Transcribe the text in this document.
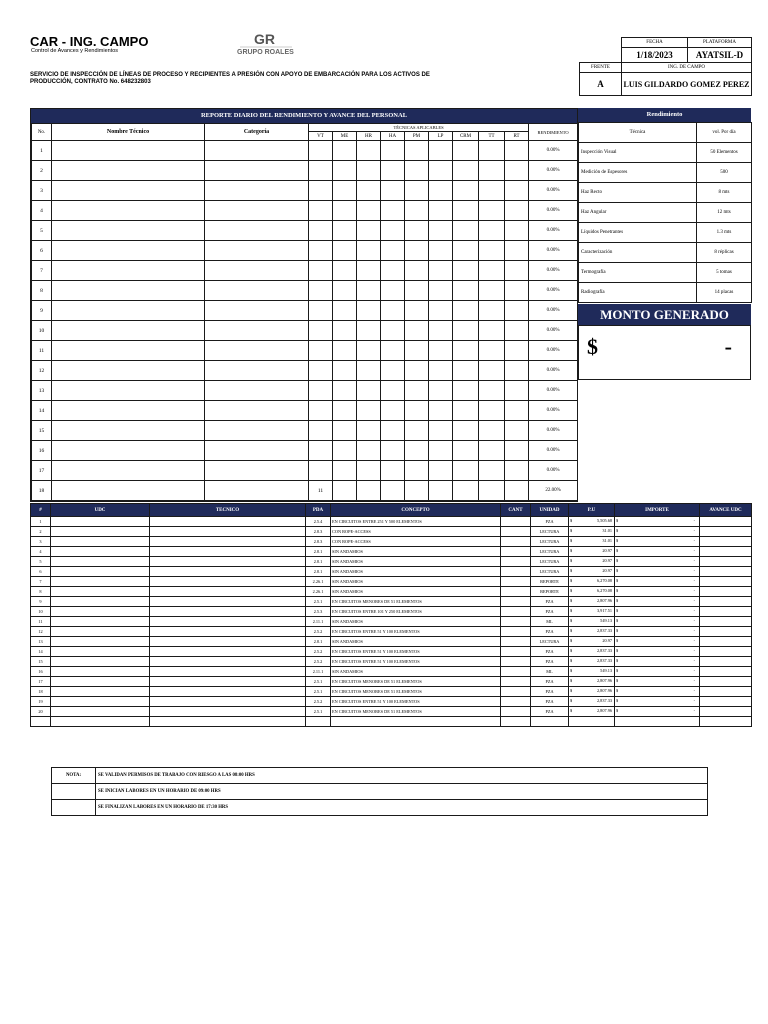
CAR - ING. CAMPO
Control de Avances y Rendimientos
GR
GRUPO ROALES
SERVICIO DE INSPECCIÓN DE LÍNEAS DE PROCESO Y RECIPIENTES A PRESIÓN CON APOYO DE EMBARCACIÓN PARA LOS ACTIVOS DE PRODUCCIÓN, CONTRATO No. 648232803
	FECHA	PLATAFORMA
	1/18/2023	AYATSIL-D
FRENTE	ING. DE CAMPO	
A	LUIS GILDARDO GOMEZ PEREZ	
REPORTE DIARIO DEL RENDIMIENTO Y AVANCE DEL PERSONAL
No.	Nombre Técnico	Categoría	TÉCNICAS APLICABLES									RENDIMIENTO
			VT	ME	HR	HA	PM	LP	CRM	TT	RT	
1												0.00%
2												0.00%
3												0.00%
4												0.00%
5												0.00%
6												0.00%
7												0.00%
8												0.00%
9												0.00%
10												0.00%
11												0.00%
12												0.00%
13												0.00%
14												0.00%
15												0.00%
16												0.00%
17												0.00%
18			11									22.00%
Rendimiento
Técnica	vol. Por día
Inspección Visual	50 Elementos
Medición de Espesores	500
Haz Recto	8 mts
Haz Angular	12 mts
Líquidos Penetrantes	1.3 mts
Caracterización	8 réplicas
Termografía	5 tomas
Radiografía	14 placas
MONTO GENERADO
$	-
#	UDC	TECNICO	PDA	CONCEPTO	CANT	UNIDAD	P.U	IMPORTE	AVANCE UDC
1			2.5.4	EN CIRCUITOS ENTRE 251 Y 500 ELEMENTOS		PZA	$ 5,505.68	$ -	

2			2.8.3	CON ROPE-ACCESS		LECTURA	$ 31.01	$ -	

3			2.8.3	CON ROPE-ACCESS		LECTURA	$ 31.01	$ -	

4			2.8.1	SIN ANDAMIOS		LECTURA	$ 20.97	$ -	

5			2.8.1	SIN ANDAMIOS		LECTURA	$ 20.97	$ -	

6			2.8.1	SIN ANDAMIOS		LECTURA	$ 20.97	$ -	

7			2.26.1	SIN ANDAMIOS		REPORTE	$ 6,270.08	$ -	

8			2.26.1	SIN ANDAMIOS		REPORTE	$ 6,270.08	$ -	

9			2.5.1	EN CIRCUITOS MENORES DE 51 ELEMENTOS		PZA	$ 2,807.96	$ -	

10			2.5.3	EN CIRCUITOS ENTRE 101 Y 250 ELEMENTOS		PZA	$ 3,917.51	$ -	

11			2.11.1	SIN ANDAMIOS		ML	$ 549.13	$ -	

12			2.5.2	EN CIRCUITOS ENTRE 51 Y 100 ELEMENTOS		PZA	$ 2,837.33	$ -	

13			2.8.1	SIN ANDAMIOS		LECTURA	$ 20.97	$ -	

14			2.5.2	EN CIRCUITOS ENTRE 51 Y 100 ELEMENTOS		PZA	$ 2,837.33	$ -	

15			2.5.2	EN CIRCUITOS ENTRE 51 Y 100 ELEMENTOS		PZA	$ 2,837.33	$ -	

16			2.11.1	SIN ANDAMIOS		ML	$ 549.13	$ -	

17			2.5.1	EN CIRCUITOS MENORES DE 51 ELEMENTOS		PZA	$ 2,807.96	$ -	

18			2.5.1	EN CIRCUITOS MENORES DE 51 ELEMENTOS		PZA	$ 2,807.96	$ -	

19			2.5.2	EN CIRCUITOS ENTRE 51 Y 100 ELEMENTOS		PZA	$ 2,837.33	$ -	

20			2.5.1	EN CIRCUITOS MENORES DE 51 ELEMENTOS		PZA	$ 2,807.96	$ -	

NOTA:	SE VALIDAN PERMISOS DE TRABAJO CON RIESGO A LAS 08:00 HRS
	SE INICIAN LABORES EN UN HORARIO DE 09:00 HRS
	SE FINALIZAN LABORES EN UN HORARIO DE 17:30 HRS
